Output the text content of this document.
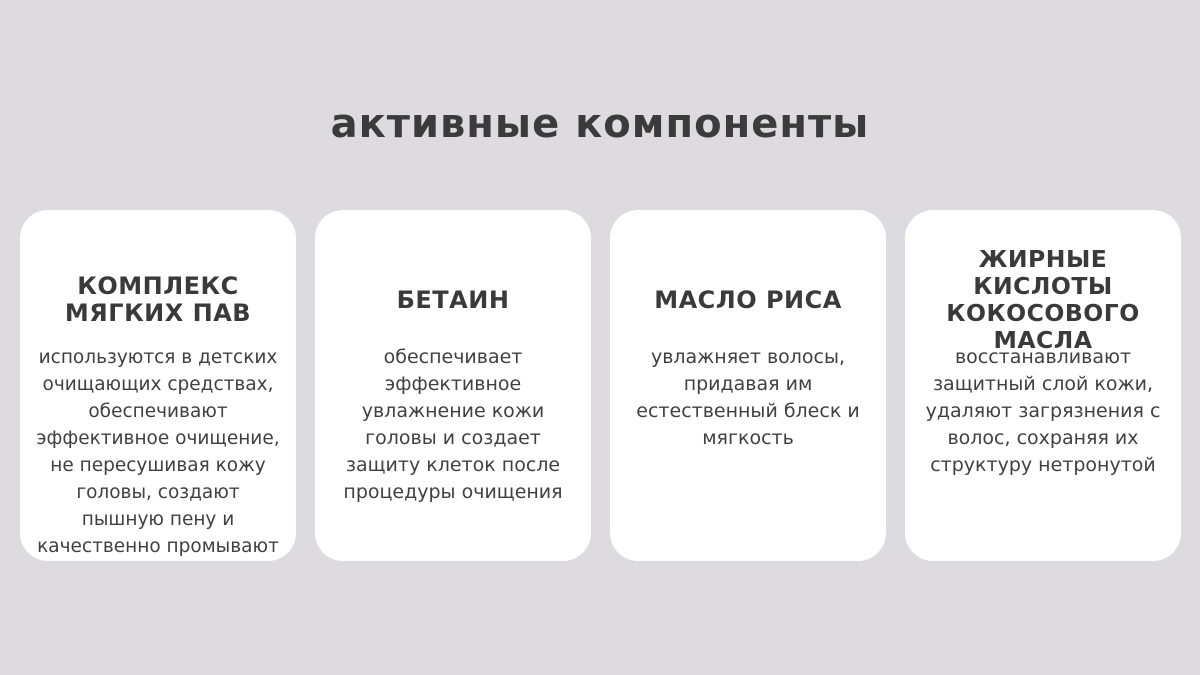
активные компоненты
КОМПЛЕКС МЯГКИХ ПАВ
используются в детских очищающих средствах, обеспечивают эффективное очищение, не пересушивая кожу головы, создают пышную пену и качественно промывают
БЕТАИН
обеспечивает эффективное увлажнение кожи головы и создает защиту клеток после процедуры очищения
МАСЛО РИСА
увлажняет волосы, придавая им естественный блеск и мягкость
ЖИРНЫЕ КИСЛОТЫ КОКОСОВОГО МАСЛА
восстанавливают защитный слой кожи, удаляют загрязнения с волос, сохраняя их структуру нетронутой
